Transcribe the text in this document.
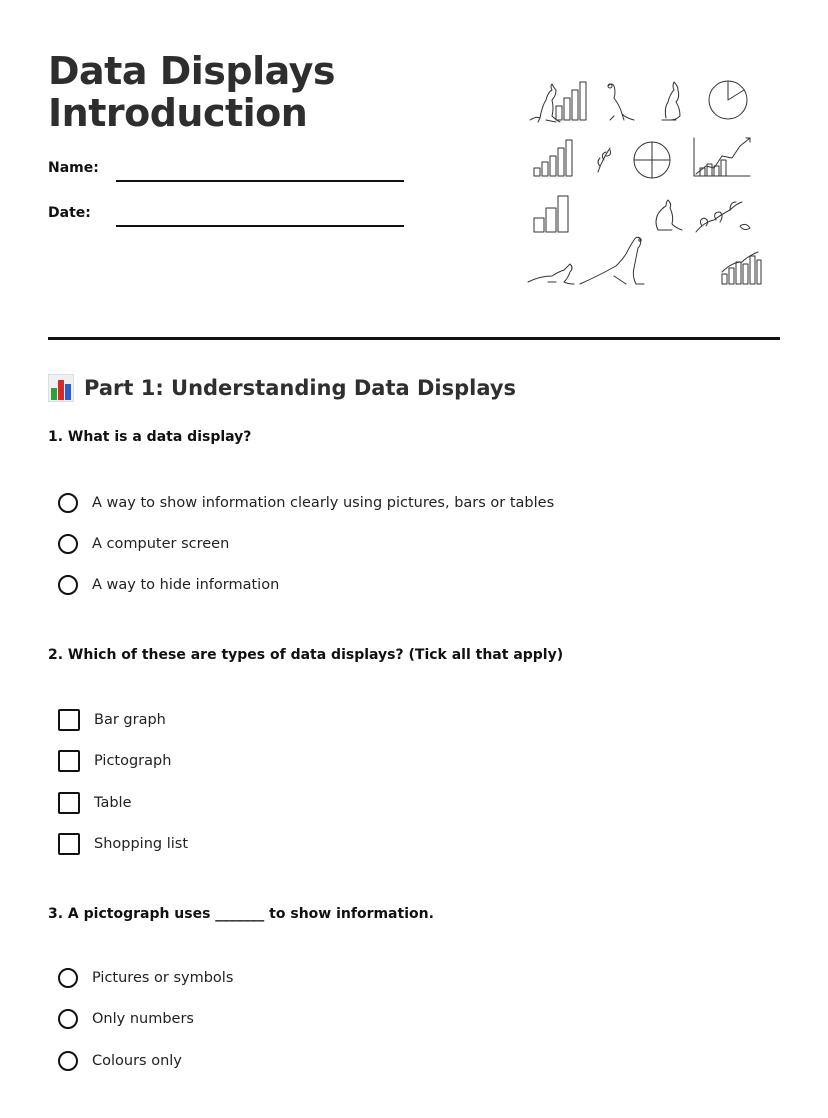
Data Displays
Introduction
Name:
Date:
Part 1: Understanding Data Displays
1. What is a data display?
A way to show information clearly using pictures, bars or tables
A computer screen
A way to hide information
2. Which of these are types of data displays? (Tick all that apply)
Bar graph
Pictograph
Table
Shopping list
3. A pictograph uses _______ to show information.
Pictures or symbols
Only numbers
Colours only
